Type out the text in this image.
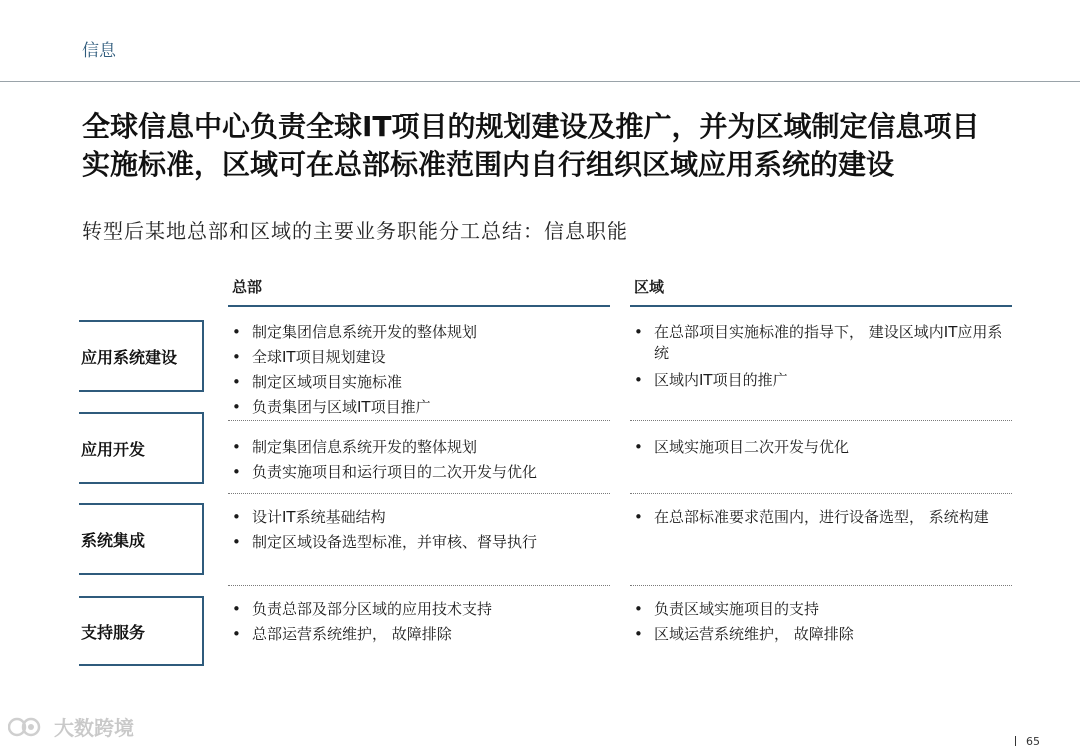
信息
全球信息中心负责全球IT项目的规划建设及推广，并为区域制定信息项目
实施标准，区域可在总部标准范围内自行组织区域应用系统的建设
转型后某地总部和区域的主要业务职能分工总结：信息职能
总部	区域
应用系统建设
• 制定集团信息系统开发的整体规划
• 全球IT项目规划建设
• 制定区域项目实施标准
• 负责集团与区域IT项目推广
• 在总部项目实施标准的指导下， 建设区域内IT应用系统
• 区域内IT项目的推广
应用开发
•	制定集团信息系统开发的整体规划
• 负责实施项目和运行项目的二次开发与优化
• 区域实施项目二次开发与优化
系统集成
• 设计IT系统基础结构
• 制定区域设备选型标准，并审核、督导执行
• 在总部标准要求范围内，进行设备选型， 系统构建
支持服务
• 负责总部及部分区域的应用技术支持
• 总部运营系统维护， 故障排除
• 负责区域实施项目的支持
• 区域运营系统维护， 故障排除
大数跨境
65
